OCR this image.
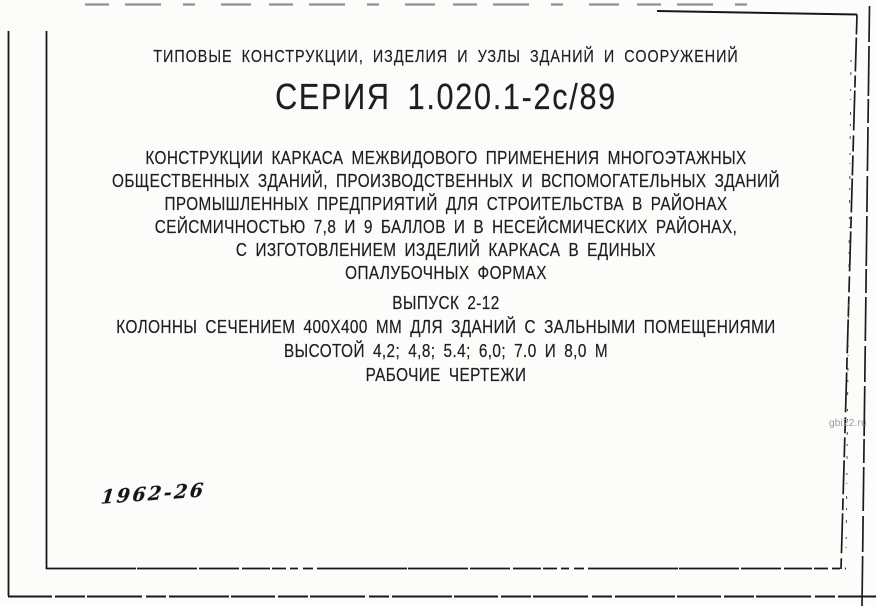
ТИПОВЫЕ КОНСТРУКЦИИ, ИЗДЕЛИЯ И УЗЛЫ ЗДАНИЙ И СООРУЖЕНИЙ
СЕРИЯ 1.020.1-2с/89
КОНСТРУКЦИИ КАРКАСА МЕЖВИДОВОГО ПРИМЕНЕНИЯ МНОГОЭТАЖНЫХ
ОБЩЕСТВЕННЫХ ЗДАНИЙ, ПРОИЗВОДСТВЕННЫХ И ВСПОМОГАТЕЛЬНЫХ ЗДАНИЙ
ПРОМЫШЛЕННЫХ ПРЕДПРИЯТИЙ ДЛЯ СТРОИТЕЛЬСТВА В РАЙОНАХ
СЕЙСМИЧНОСТЬЮ 7,8 И 9 БАЛЛОВ И В НЕСЕЙСМИЧЕСКИХ РАЙОНАХ,
С ИЗГОТОВЛЕНИЕМ ИЗДЕЛИЙ КАРКАСА В ЕДИНЫХ
ОПАЛУБОЧНЫХ ФОРМАХ
ВЫПУСК 2-12
КОЛОННЫ СЕЧЕНИЕМ 400Х400 ММ ДЛЯ ЗДАНИЙ С ЗАЛЬНЫМИ ПОМЕЩЕНИЯМИ
ВЫСОТОЙ 4,2; 4,8; 5.4; 6,0; 7.0 И 8,0 М
РАБОЧИЕ ЧЕРТЕЖИ
1962-26
gbi22.ru
